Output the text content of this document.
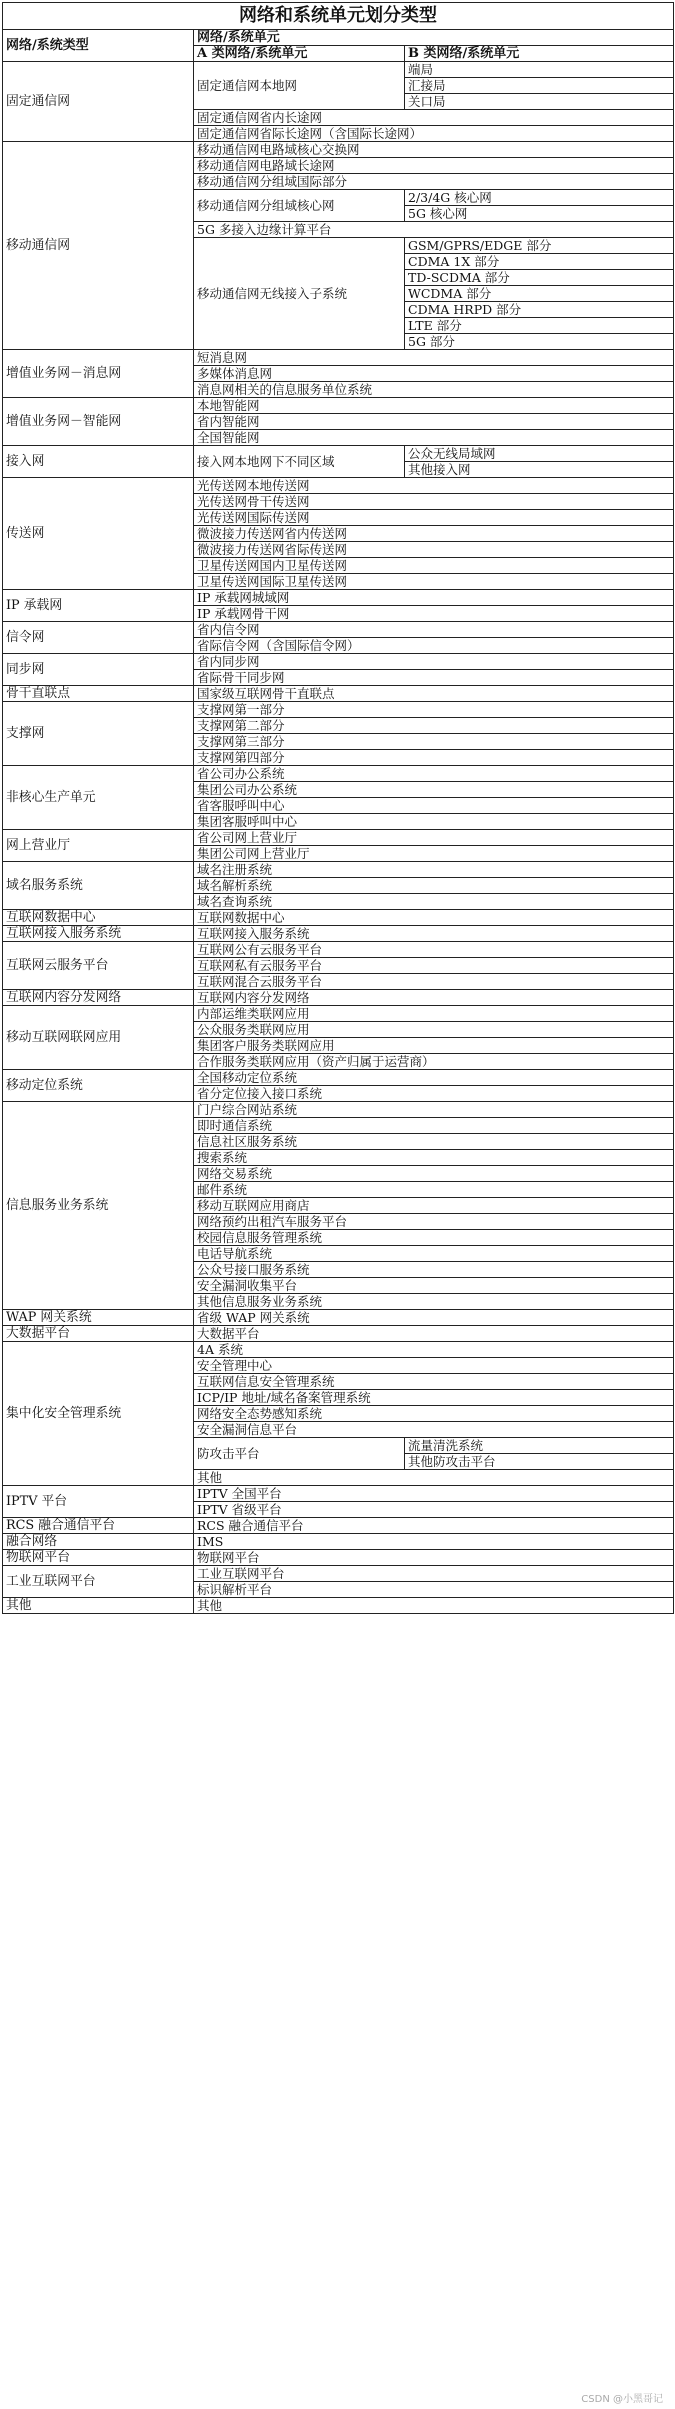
网络和系统单元划分类型		
网络/系统类型	网络/系统单元	
	A 类网络/系统单元	B 类网络/系统单元
固定通信网	固定通信网本地网	端局
		汇接局
		关口局
	固定通信网省内长途网	
	固定通信网省际长途网（含国际长途网）	
移动通信网	移动通信网电路域核心交换网	
	移动通信网电路域长途网	
	移动通信网分组域国际部分	
	移动通信网分组域核心网	2/3/4G 核心网
		5G 核心网
	5G 多接入边缘计算平台	
	移动通信网无线接入子系统	GSM/GPRS/EDGE 部分
		CDMA 1X 部分
		TD-SCDMA 部分
		WCDMA 部分
		CDMA HRPD 部分
		LTE 部分
		5G 部分
增值业务网－消息网	短消息网	
	多媒体消息网	
	消息网相关的信息服务单位系统	
增值业务网－智能网	本地智能网	
	省内智能网	
	全国智能网	
接入网	接入网本地网下不同区域	公众无线局域网
		其他接入网
传送网	光传送网本地传送网	
	光传送网骨干传送网	
	光传送网国际传送网	
	微波接力传送网省内传送网	
	微波接力传送网省际传送网	
	卫星传送网国内卫星传送网	
	卫星传送网国际卫星传送网	
IP 承载网	IP 承载网城域网	
	IP 承载网骨干网	
信令网	省内信令网	
	省际信令网（含国际信令网）	
同步网	省内同步网	
	省际骨干同步网	
骨干直联点	国家级互联网骨干直联点	
支撑网	支撑网第一部分	
	支撑网第二部分	
	支撑网第三部分	
	支撑网第四部分	
非核心生产单元	省公司办公系统	
	集团公司办公系统	
	省客服呼叫中心	
	集团客服呼叫中心	
网上营业厅	省公司网上营业厅	
	集团公司网上营业厅	
域名服务系统	域名注册系统	
	域名解析系统	
	域名查询系统	
互联网数据中心	互联网数据中心	
互联网接入服务系统	互联网接入服务系统	
互联网云服务平台	互联网公有云服务平台	
	互联网私有云服务平台	
	互联网混合云服务平台	
互联网内容分发网络	互联网内容分发网络	
移动互联网联网应用	内部运维类联网应用	
	公众服务类联网应用	
	集团客户服务类联网应用	
	合作服务类联网应用（资产归属于运营商）	
移动定位系统	全国移动定位系统	
	省分定位接入接口系统	
信息服务业务系统	门户综合网站系统	
	即时通信系统	
	信息社区服务系统	
	搜索系统	
	网络交易系统	
	邮件系统	
	移动互联网应用商店	
	网络预约出租汽车服务平台	
	校园信息服务管理系统	
	电话导航系统	
	公众号接口服务系统	
	安全漏洞收集平台	
	其他信息服务业务系统	
WAP 网关系统	省级 WAP 网关系统	
大数据平台	大数据平台	
集中化安全管理系统	4A 系统	
	安全管理中心	
	互联网信息安全管理系统	
	ICP/IP 地址/域名备案管理系统	
	网络安全态势感知系统	
	安全漏洞信息平台	
	防攻击平台	流量清洗系统
		其他防攻击平台
	其他	
IPTV 平台	IPTV 全国平台	
	IPTV 省级平台	
RCS 融合通信平台	RCS 融合通信平台	
融合网络	IMS	
物联网平台	物联网平台	
工业互联网平台	工业互联网平台	
	标识解析平台	
其他	其他	
CSDN @小黑哥记
